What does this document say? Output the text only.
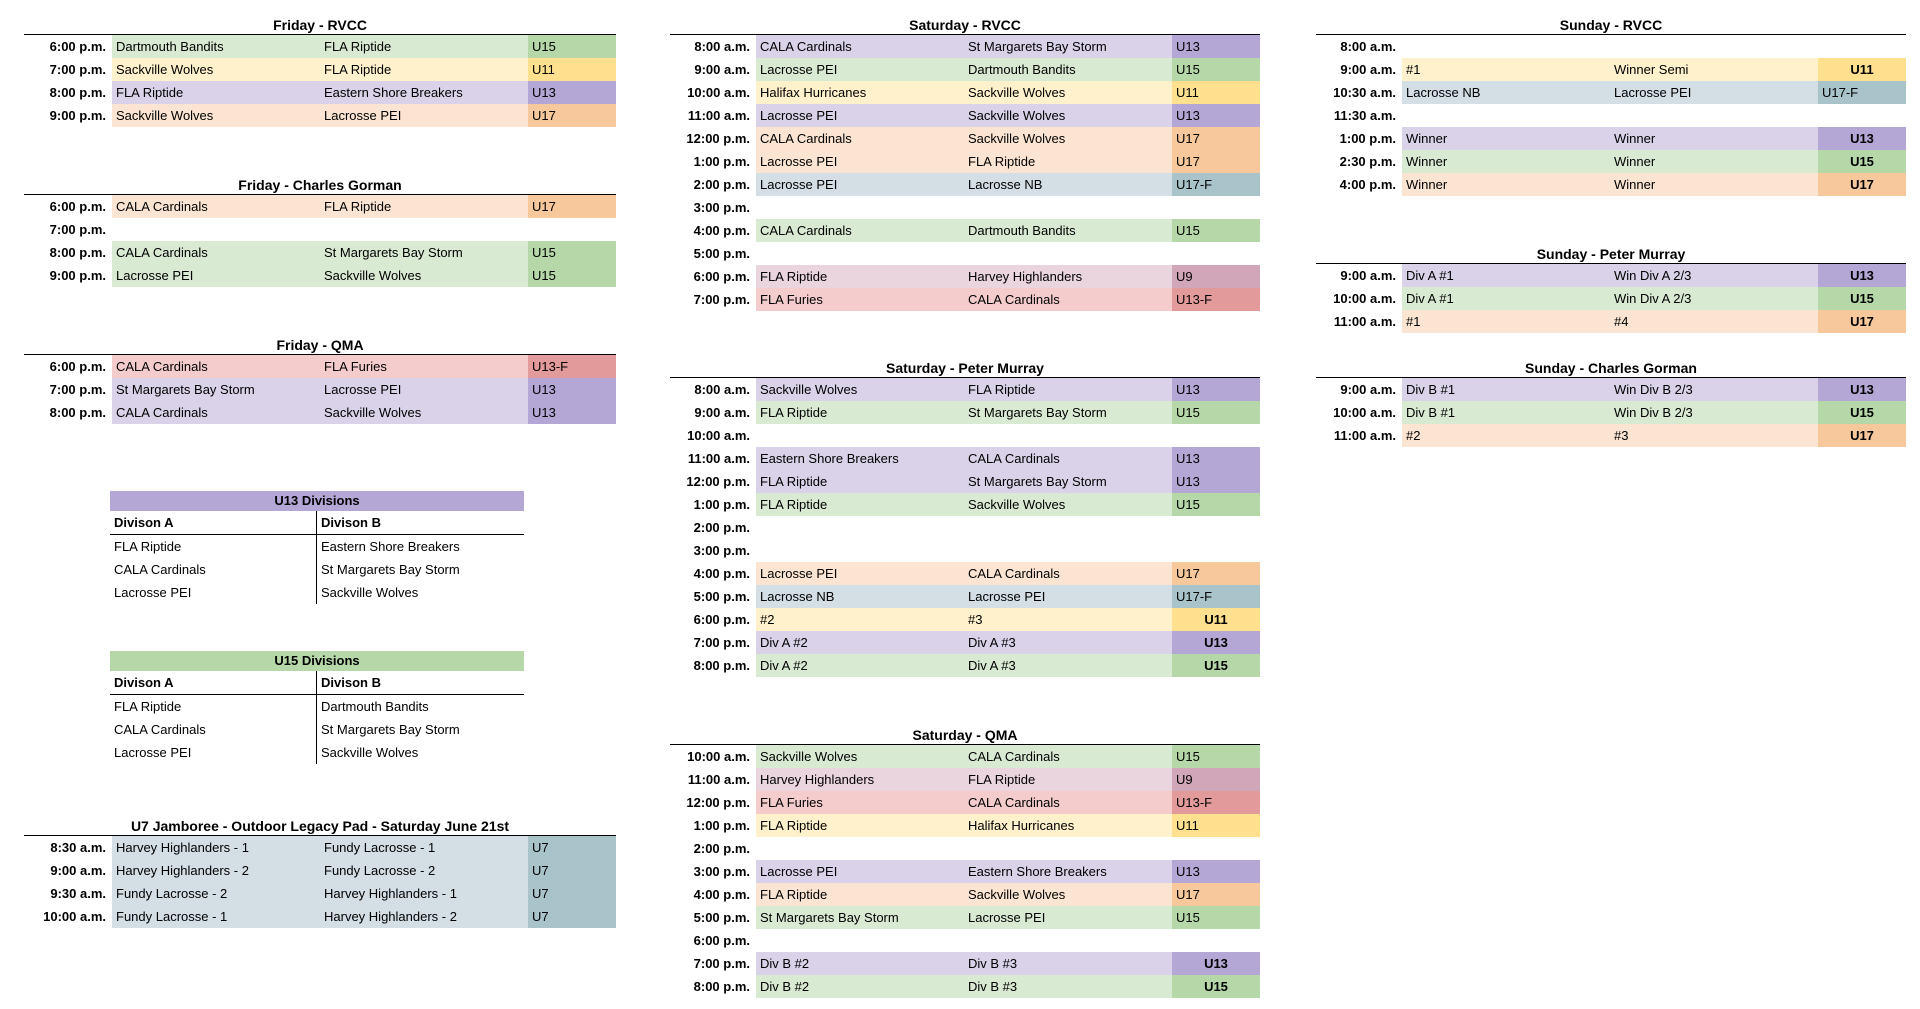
Friday - RVCC
6:00 p.m. Dartmouth Bandits	FLA Riptide	U15
7:00 p.m. Sackville Wolves	FLA Riptide	U11
8:00 p.m. FLA Riptide	Eastern Shore Breakers	U13
9:00 p.m. Sackville Wolves	Lacrosse PEI	U17
Friday - Charles Gorman
6:00 p.m. CALA Cardinals	FLA Riptide	U17
7:00 p.m.
8:00 p.m. CALA Cardinals	St Margarets Bay Storm	U15
9:00 p.m. Lacrosse PEI	Sackville Wolves	U15
Friday - QMA
6:00 p.m. CALA Cardinals	FLA Furies	U13-F
7:00 p.m. St Margarets Bay Storm	Lacrosse PEI	U13
8:00 p.m. CALA Cardinals	Sackville Wolves	U13
U7 Jamboree - Outdoor Legacy Pad - Saturday June 21st
8:30 a.m. Harvey Highlanders - 1	Fundy Lacrosse - 1	U7
9:00 a.m. Harvey Highlanders - 2	Fundy Lacrosse - 2	U7
9:30 a.m. Fundy Lacrosse - 2	Harvey Highlanders - 1	U7
10:00 a.m. Fundy Lacrosse - 1	Harvey Highlanders - 2	U7
Saturday - RVCC
8:00 a.m. CALA Cardinals	St Margarets Bay Storm	U13
9:00 a.m. Lacrosse PEI	Dartmouth Bandits	U15
10:00 a.m. Halifax Hurricanes	Sackville Wolves	U11
11:00 a.m. Lacrosse PEI	Sackville Wolves	U13
12:00 p.m. CALA Cardinals	Sackville Wolves	U17
1:00 p.m. Lacrosse PEI	FLA Riptide	U17
2:00 p.m. Lacrosse PEI	Lacrosse NB	U17-F
3:00 p.m.
4:00 p.m. CALA Cardinals	Dartmouth Bandits	U15
5:00 p.m.
6:00 p.m. FLA Riptide	Harvey Highlanders	U9
7:00 p.m. FLA Furies	CALA Cardinals	U13-F
Saturday - Peter Murray
8:00 a.m. Sackville Wolves	FLA Riptide	U13
9:00 a.m. FLA Riptide	St Margarets Bay Storm	U15
10:00 a.m.
11:00 a.m. Eastern Shore Breakers	CALA Cardinals	U13
12:00 p.m. FLA Riptide	St Margarets Bay Storm	U13
1:00 p.m. FLA Riptide	Sackville Wolves	U15
2:00 p.m.
3:00 p.m.
4:00 p.m. Lacrosse PEI	CALA Cardinals	U17
5:00 p.m. Lacrosse NB	Lacrosse PEI	U17-F
6:00 p.m. #2	#3	U11
7:00 p.m. Div A #2	Div A #3	U13
8:00 p.m. Div A #2	Div A #3	U15
Saturday - QMA
10:00 a.m. Sackville Wolves	CALA Cardinals	U15
11:00 a.m. Harvey Highlanders	FLA Riptide	U9
12:00 p.m. FLA Furies	CALA Cardinals	U13-F
1:00 p.m. FLA Riptide	Halifax Hurricanes	U11
2:00 p.m.
3:00 p.m. Lacrosse PEI	Eastern Shore Breakers	U13
4:00 p.m. FLA Riptide	Sackville Wolves	U17
5:00 p.m. St Margarets Bay Storm	Lacrosse PEI	U15
6:00 p.m.
7:00 p.m. Div B #2	Div B #3	U13
8:00 p.m. Div B #2	Div B #3	U15
Sunday - RVCC
8:00 a.m.
9:00 a.m. #1	Winner Semi	U11
10:30 a.m. Lacrosse NB	Lacrosse PEI	U17-F
11:30 a.m.
1:00 p.m. Winner	Winner	U13
2:30 p.m. Winner	Winner	U15
4:00 p.m. Winner	Winner	U17
Sunday - Peter Murray
9:00 a.m. Div A #1	Win Div A 2/3	U13
10:00 a.m. Div A #1	Win Div A 2/3	U15
11:00 a.m. #1	#4	U17
Sunday - Charles Gorman
9:00 a.m. Div B #1	Win Div B 2/3	U13
10:00 a.m. Div B #1	Win Div B 2/3	U15
11:00 a.m. #2	#3	U17
U13 Divisions
Divison A	Divison B
FLA Riptide	Eastern Shore Breakers
CALA Cardinals	St Margarets Bay Storm
Lacrosse PEI	Sackville Wolves
U15 Divisions
Divison A	Divison B
FLA Riptide	Dartmouth Bandits
CALA Cardinals	St Margarets Bay Storm
Lacrosse PEI	Sackville Wolves
